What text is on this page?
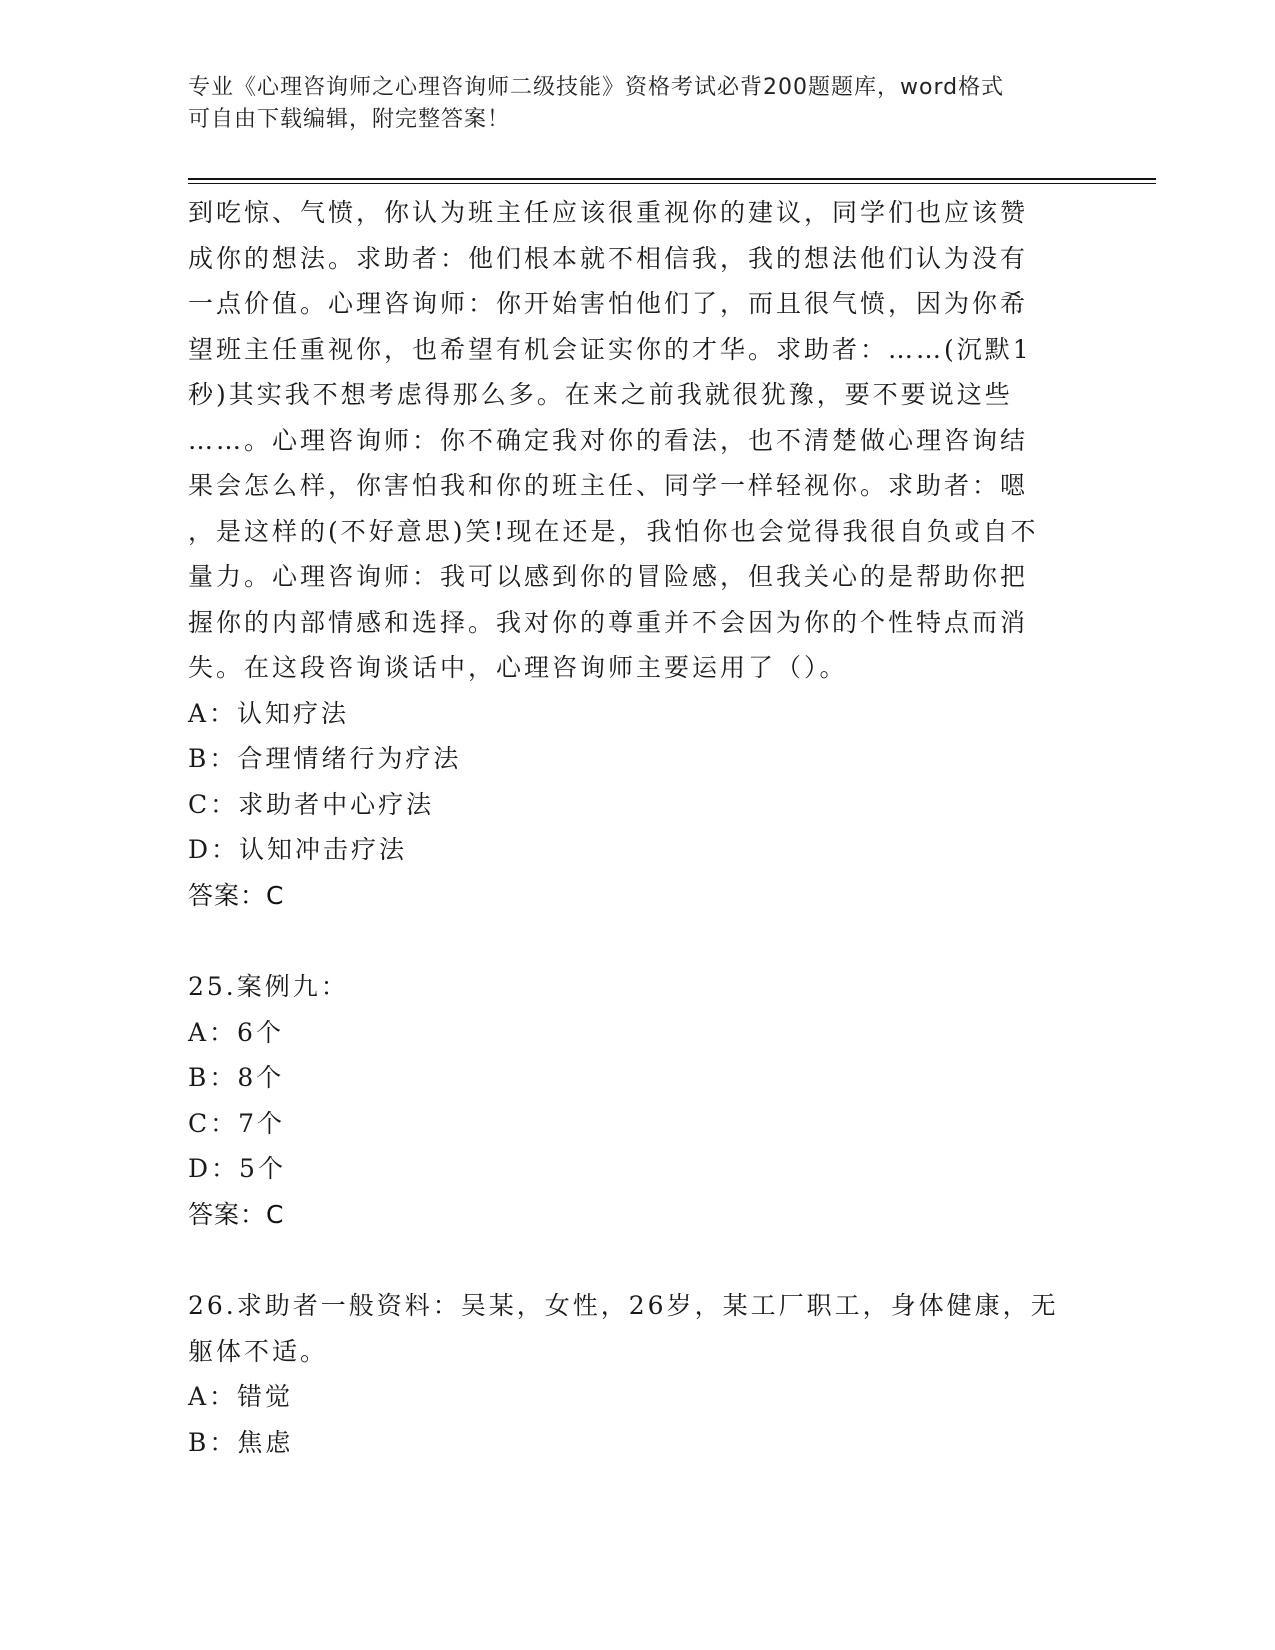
专业《心理咨询师之心理咨询师二级技能》资格考试必背200题题库，word格式
可自由下载编辑，附完整答案！
到吃惊、气愤，你认为班主任应该很重视你的建议，同学们也应该赞
成你的想法。求助者：他们根本就不相信我，我的想法他们认为没有
一点价值。心理咨询师：你开始害怕他们了，而且很气愤，因为你希
望班主任重视你，也希望有机会证实你的才华。求助者：……(沉默1
秒)其实我不想考虑得那么多。在来之前我就很犹豫，要不要说这些
……。心理咨询师：你不确定我对你的看法，也不清楚做心理咨询结
果会怎么样，你害怕我和你的班主任、同学一样轻视你。求助者：嗯
，是这样的(不好意思)笑!现在还是，我怕你也会觉得我很自负或自不
量力。心理咨询师：我可以感到你的冒险感，但我关心的是帮助你把
握你的内部情感和选择。我对你的尊重并不会因为你的个性特点而消
失。在这段咨询谈话中，心理咨询师主要运用了（）。
A：认知疗法
B：合理情绪行为疗法
C：求助者中心疗法
D：认知冲击疗法
答案：C
25.案例九：
A：6个
B：8个
C：7个
D：5个
答案：C
26.求助者一般资料：吴某，女性，26岁，某工厂职工，身体健康，无
躯体不适。
A：错觉
B：焦虑
